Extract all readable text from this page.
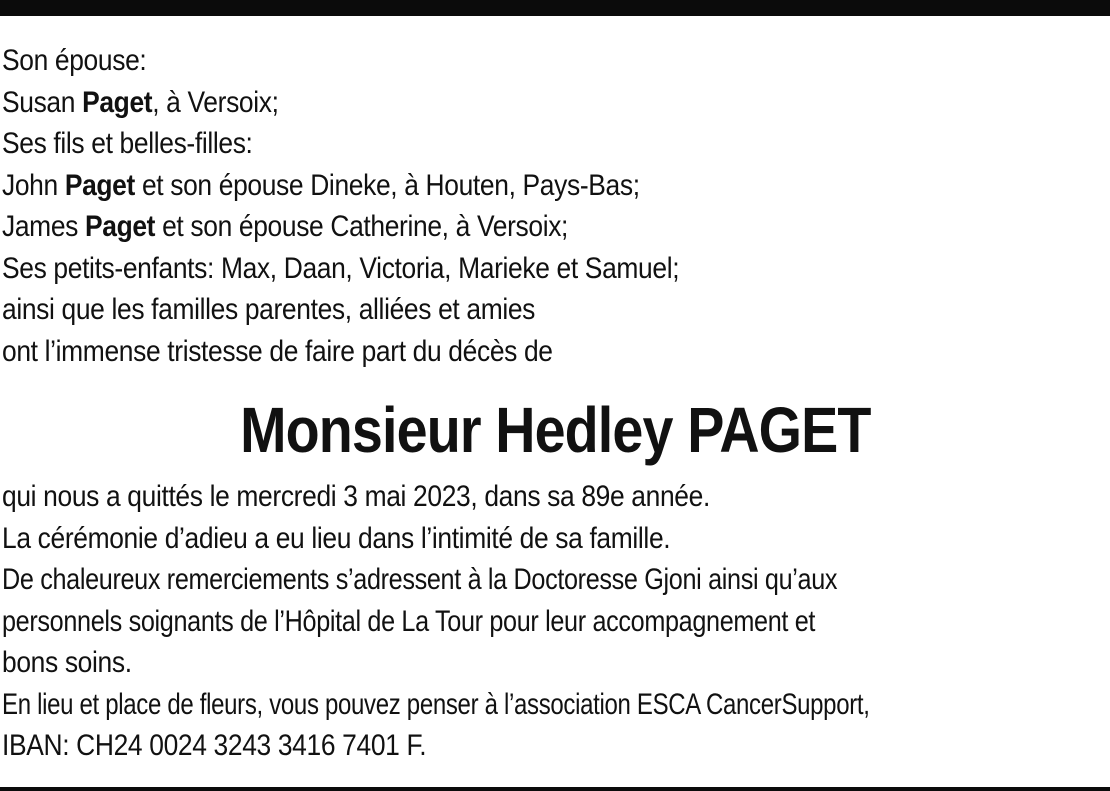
Son épouse:
Susan Paget, à Versoix;
Ses fils et belles-filles:
John Paget et son épouse Dineke, à Houten, Pays-Bas;
James Paget et son épouse Catherine, à Versoix;
Ses petits-enfants: Max, Daan, Victoria, Marieke et Samuel;
ainsi que les familles parentes, alliées et amies
ont l’immense tristesse de faire part du décès de
Monsieur Hedley PAGET
qui nous a quittés le mercredi 3 mai 2023, dans sa 89e année.
La cérémonie d’adieu a eu lieu dans l’intimité de sa famille.
De chaleureux remerciements s’adressent à la Doctoresse Gjoni ainsi qu’aux
personnels soignants de l’Hôpital de La Tour pour leur accompagnement et
bons soins.
En lieu et place de fleurs, vous pouvez penser à l’association ESCA CancerSupport,
IBAN: CH24 0024 3243 3416 7401 F.
